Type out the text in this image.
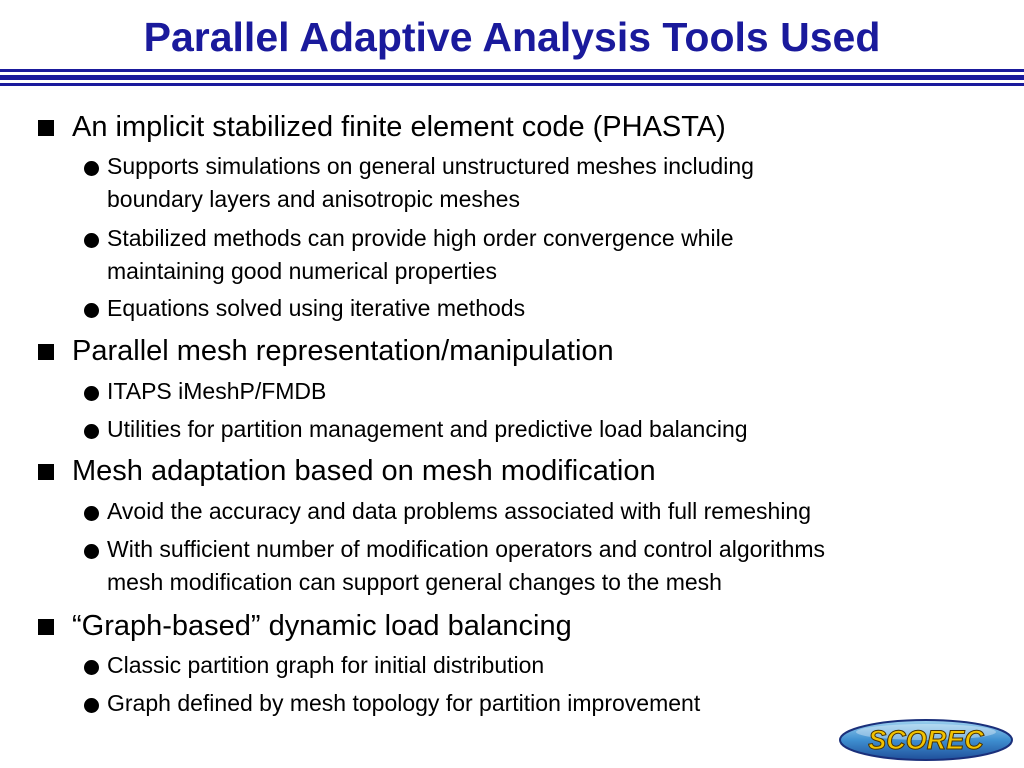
Parallel Adaptive Analysis Tools Used
An implicit stabilized finite element code (PHASTA)
Supports simulations on general unstructured meshes including
boundary layers and anisotropic meshes
Stabilized methods can provide high order convergence while
maintaining good numerical properties
Equations solved using iterative methods
Parallel mesh representation/manipulation
ITAPS iMeshP/FMDB
Utilities for partition management and predictive load balancing
Mesh adaptation based on mesh modification
Avoid the accuracy and data problems associated with full remeshing
With sufficient number of modification operators and control algorithms
mesh modification can support general changes to the mesh
“Graph-based” dynamic load balancing
Classic partition graph for initial distribution
Graph defined by mesh topology for partition improvement
SCOREC
